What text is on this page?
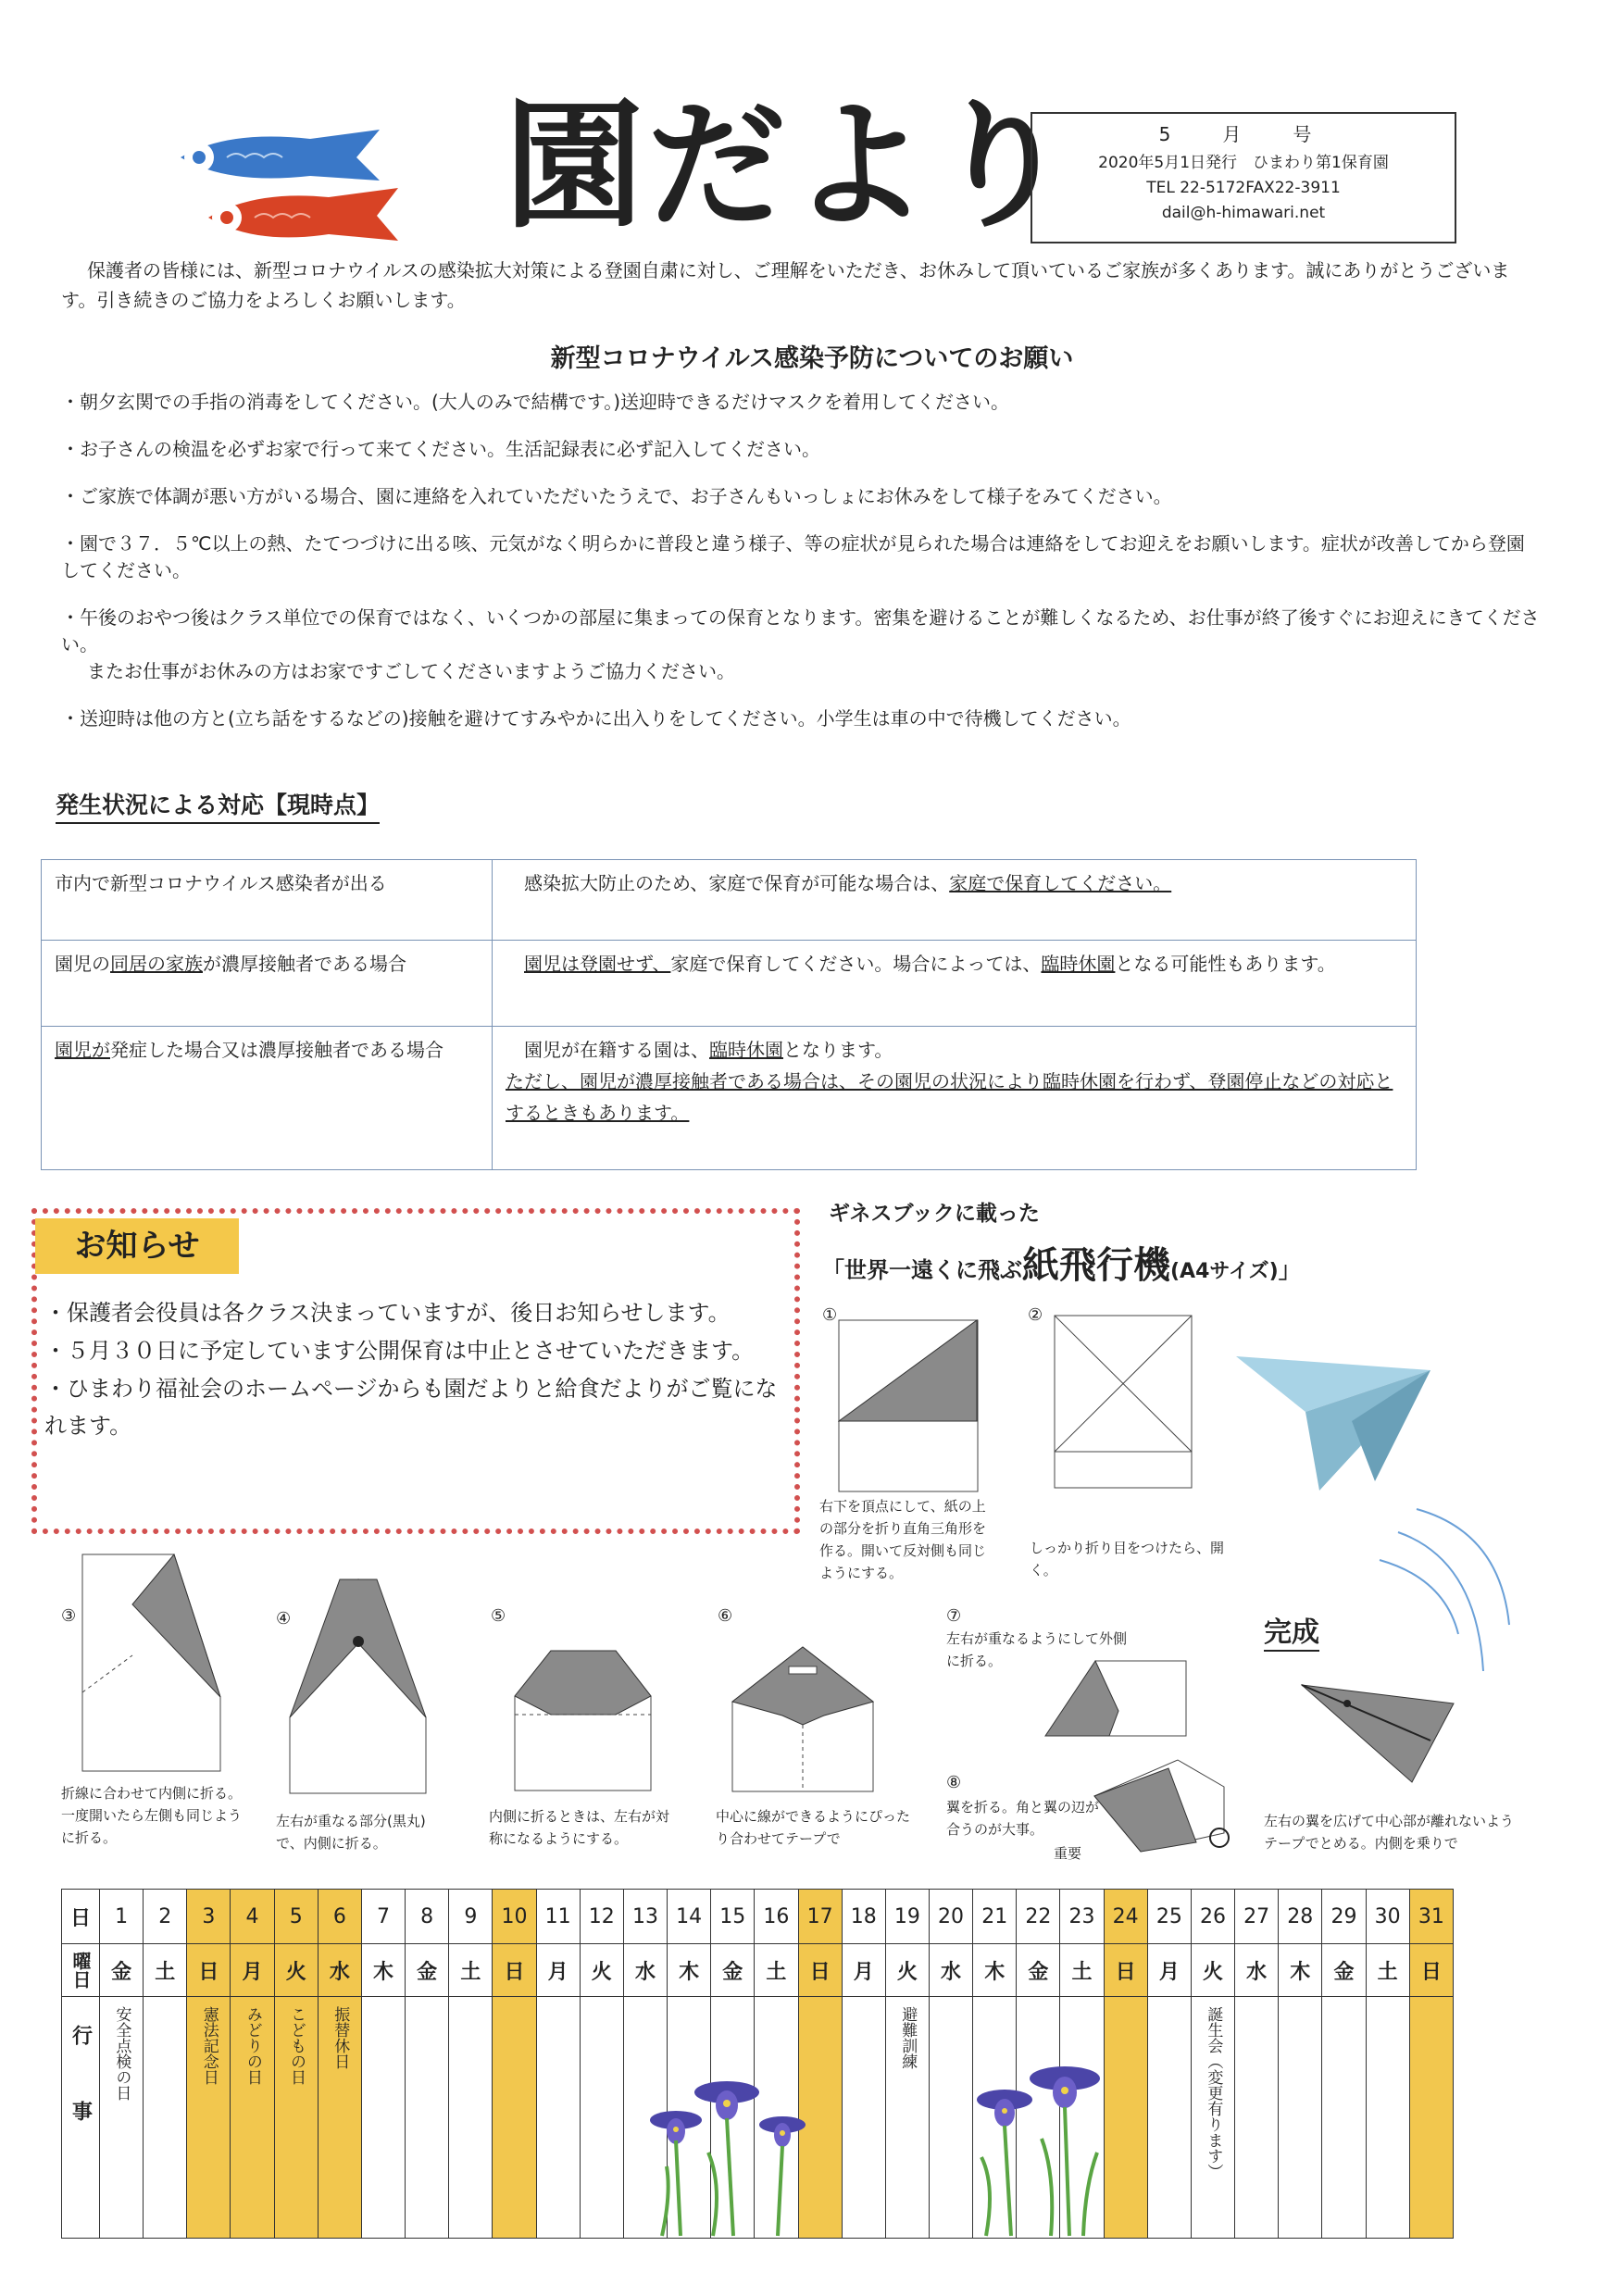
園だより	5　月　号
2020年5月1日発行　ひまわり第1保育園
TEL 22-5172FAX22-3911
dail@h-himawari.net
保護者の皆様には、新型コロナウイルスの感染拡大対策による登園自粛に対し、ご理解をいただき、お休みして頂いているご家族が多くあります。誠にありがとうございます。引き続きのご協力をよろしくお願いします。
新型コロナウイルス感染予防についてのお願い

・朝夕玄関での手指の消毒をしてください。(大人のみで結構です。)送迎時できるだけマスクを着用してください。

・お子さんの検温を必ずお家で行って来てください。生活記録表に必ず記入してください。

・ご家族で体調が悪い方がいる場合、園に連絡を入れていただいたうえで、お子さんもいっしょにお休みをして様子をみてください。

・園で３７．５℃以上の熱、たてつづけに出る咳、元気がなく明らかに普段と違う様子、等の症状が見られた場合は連絡をしてお迎えをお願いします。症状が改善してから登園してください。

・午後のおやつ後はクラス単位での保育ではなく、いくつかの部屋に集まっての保育となります。密集を避けることが難しくなるため、お仕事が終了後すぐにお迎えにきてください。
またお仕事がお休みの方はお家ですごしてくださいますようご協力ください。

・送迎時は他の方と(立ち話をするなどの)接触を避けてすみやかに出入りをしてください。小学生は車の中で待機してください。

発生状況による対応【現時点】
市内で新型コロナウイルス感染者が出る	　感染拡大防止のため、家庭で保育が可能な場合は、家庭で保育してください。
園児の同居の家族が濃厚接触者である場合	　園児は登園せず、家庭で保育してください。場合によっては、臨時休園となる可能性もあります。
園児が発症した場合又は濃厚接触者である場合	　園児が在籍する園は、臨時休園となります。
ただし、園児が濃厚接触者である場合は、その園児の状況により臨時休園を行わず、登園停止などの対応とするときもあります。
お知らせ

・保護者会役員は各クラス決まっていますが、後日お知らせします。

・５月３０日に予定しています公開保育は中止とさせていただきます。

・ひまわり福祉会のホームページからも園だよりと給食だよりがご覧になれます。

ギネスブックに載った
「世界一遠くに飛ぶ紙飛行機(A4サイズ)」
①
右下を頂点にして、紙の上の部分を折り直角三角形を作る。開いて反対側も同じようにする。
②
しっかり折り目をつけたら、開く。
③
折線に合わせて内側に折る。一度開いたら左側も同じように折る。
④
左右が重なる部分(黒丸)で、内側に折る。
⑤
内側に折るときは、左右が対称になるようにする。
⑥
中心に線ができるようにぴったり合わせてテープで
⑦
左右が重なるようにして外側に折る。
⑧
翼を折る。角と翼の辺が合うのが大事。
重要
完成
左右の翼を広げて中心部が離れないようテープでとめる。内側を乗りで
日	1	2	3	4	5	6	7	8	9	10	11	12	13	14	15	16	17	18	19	20	21	22	23	24	25	26	27	28	29	30	31

曜日	金	土	日	月	火	水	木	金	土	日	月	火	水	木	金	土	日	月	火	水	木	金	土	日	月	火	水	木	金	土	日

行事	安全点検の日		憲法記念日	みどりの日	こどもの日	振替休日													避難訓練							誕生会（変更有ります）					
